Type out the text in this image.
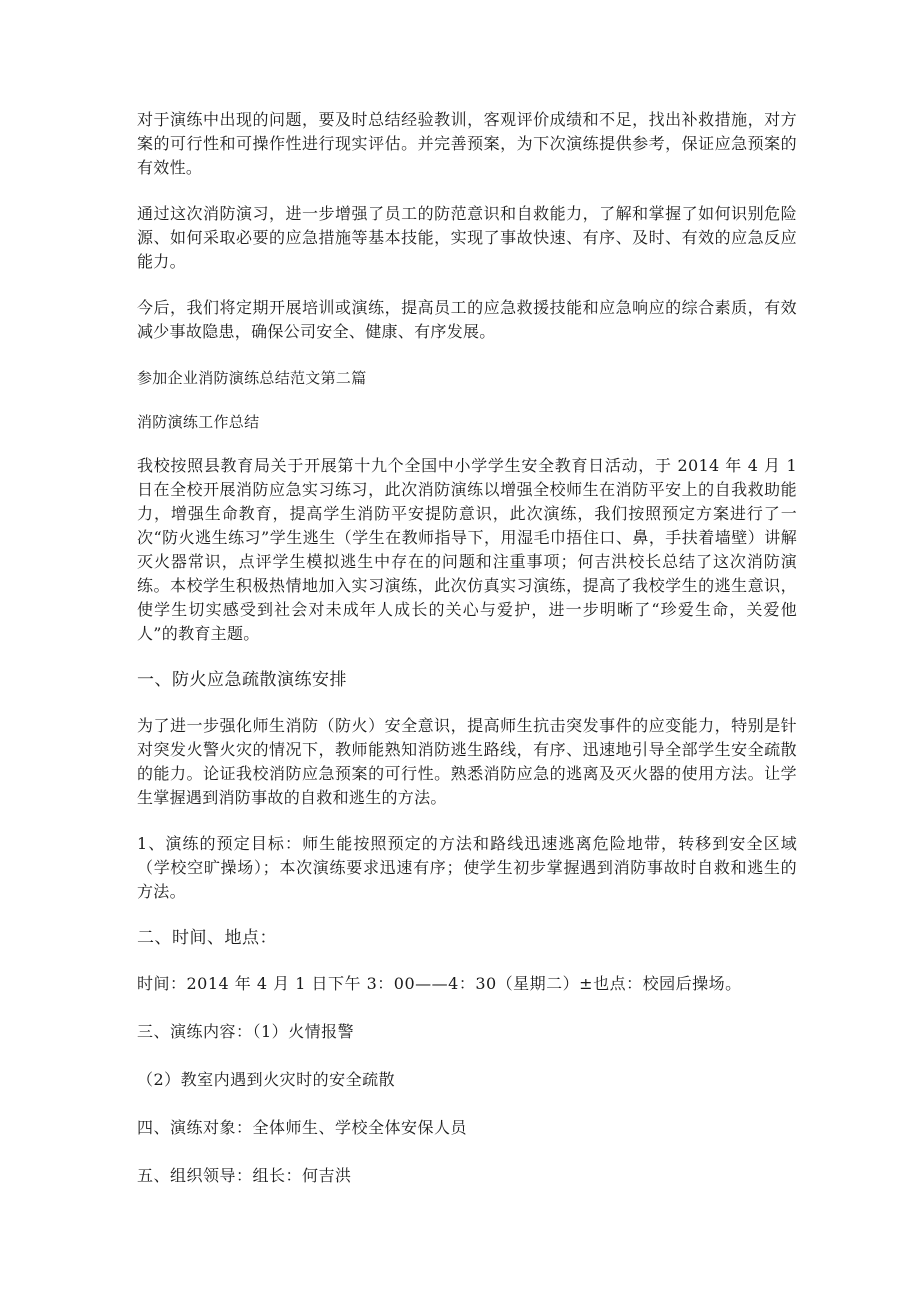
对于演练中出现的问题，要及时总结经验教训，客观评价成绩和不足，找出补救措施，对方案的可行性和可操作性进行现实评估。并完善预案，为下次演练提供参考，保证应急预案的有效性。

通过这次消防演习，进一步增强了员工的防范意识和自救能力，了解和掌握了如何识别危险源、如何采取必要的应急措施等基本技能，实现了事故快速、有序、及时、有效的应急反应能力。

今后，我们将定期开展培训或演练，提高员工的应急救援技能和应急响应的综合素质，有效减少事故隐患，确保公司安全、健康、有序发展。

参加企业消防演练总结范文第二篇

消防演练工作总结

我校按照县教育局关于开展第十九个全国中小学学生安全教育日活动，于 2014 年 4 月 1 日在全校开展消防应急实习练习，此次消防演练以增强全校师生在消防平安上的自我救助能力，增强生命教育，提高学生消防平安提防意识，此次演练，我们按照预定方案进行了一次“防火逃生练习”学生逃生（学生在教师指导下，用湿毛巾捂住口、鼻，手扶着墙壁）讲解灭火器常识，点评学生模拟逃生中存在的问题和注重事项；何吉洪校长总结了这次消防演练。本校学生积极热情地加入实习演练，此次仿真实习演练，提高了我校学生的逃生意识，使学生切实感受到社会对未成年人成长的关心与爱护，进一步明晰了“珍爱生命，关爱他人”的教育主题。

一、防火应急疏散演练安排

为了进一步强化师生消防（防火）安全意识，提高师生抗击突发事件的应变能力，特别是针对突发火警火灾的情况下，教师能熟知消防逃生路线，有序、迅速地引导全部学生安全疏散的能力。论证我校消防应急预案的可行性。熟悉消防应急的逃离及灭火器的使用方法。让学生掌握遇到消防事故的自救和逃生的方法。

1、演练的预定目标：师生能按照预定的方法和路线迅速逃离危险地带，转移到安全区域（学校空旷操场）；本次演练要求迅速有序；使学生初步掌握遇到消防事故时自救和逃生的方法。

二、时间、地点：

时间：2014 年 4 月 1 日下午 3：00——4：30（星期二）±也点：校园后操场。

三、演练内容：（1）火情报警

（2）教室内遇到火灾时的安全疏散

四、演练对象：全体师生、学校全体安保人员

五、组织领导：组长：何吉洪
